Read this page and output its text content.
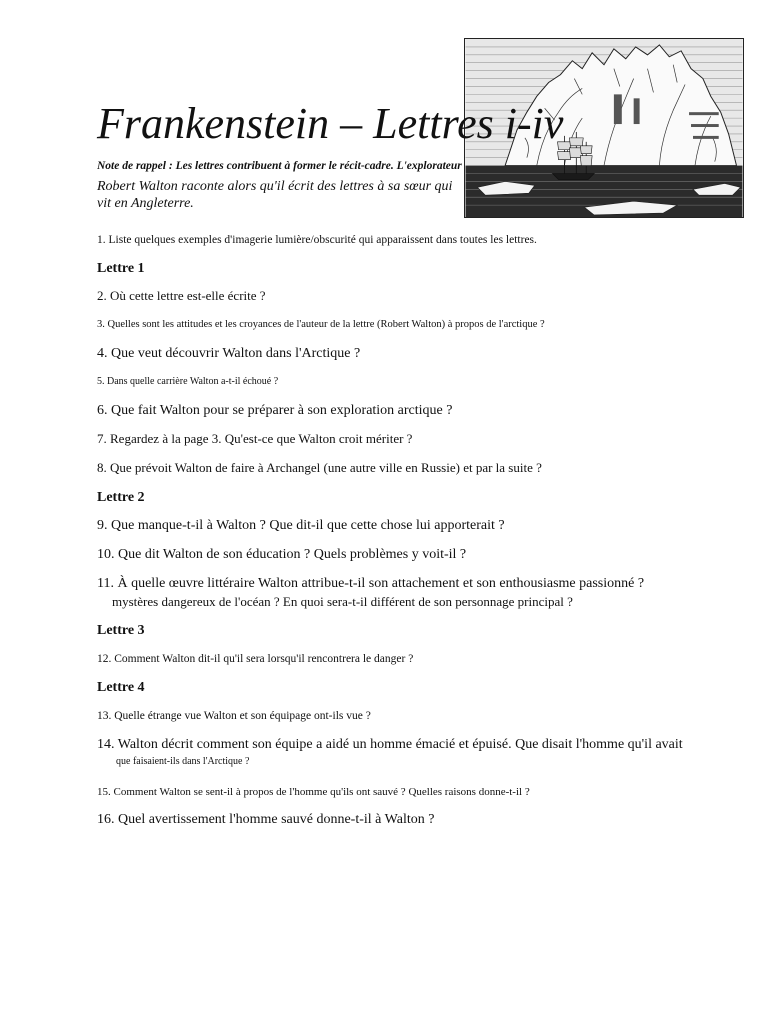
Frankenstein – Lettres i-iv
Note de rappel : Les lettres contribuent à former le récit-cadre. L'explorateur
Robert Walton raconte alors qu'il écrit des lettres à sa sœur qui vit en Angleterre.
1. Liste quelques exemples d'imagerie lumière/obscurité qui apparaissent dans toutes les lettres.
Lettre 1
2. Où cette lettre est-elle écrite ?
3. Quelles sont les attitudes et les croyances de l'auteur de la lettre (Robert Walton) à propos de l'arctique ?
4. Que veut découvrir Walton dans l'Arctique ?
5. Dans quelle carrière Walton a-t-il échoué ?
6. Que fait Walton pour se préparer à son exploration arctique ?
7. Regardez à la page 3. Qu'est-ce que Walton croit mériter ?
8. Que prévoit Walton de faire à Archangel (une autre ville en Russie) et par la suite ?
Lettre 2
9. Que manque-t-il à Walton ? Que dit-il que cette chose lui apporterait ?
10. Que dit Walton de son éducation ? Quels problèmes y voit-il ?
11. À quelle œuvre littéraire Walton attribue-t-il son attachement et son enthousiasme passionné ?
mystères dangereux de l'océan ? En quoi sera-t-il différent de son personnage principal ?
Lettre 3
12. Comment Walton dit-il qu'il sera lorsqu'il rencontrera le danger ?
Lettre 4
13. Quelle étrange vue Walton et son équipage ont-ils vue ?
14. Walton décrit comment son équipe a aidé un homme émacié et épuisé. Que disait l'homme qu'il avait
que faisaient-ils dans l'Arctique ?
15. Comment Walton se sent-il à propos de l'homme qu'ils ont sauvé ? Quelles raisons donne-t-il ?
16. Quel avertissement l'homme sauvé donne-t-il à Walton ?
